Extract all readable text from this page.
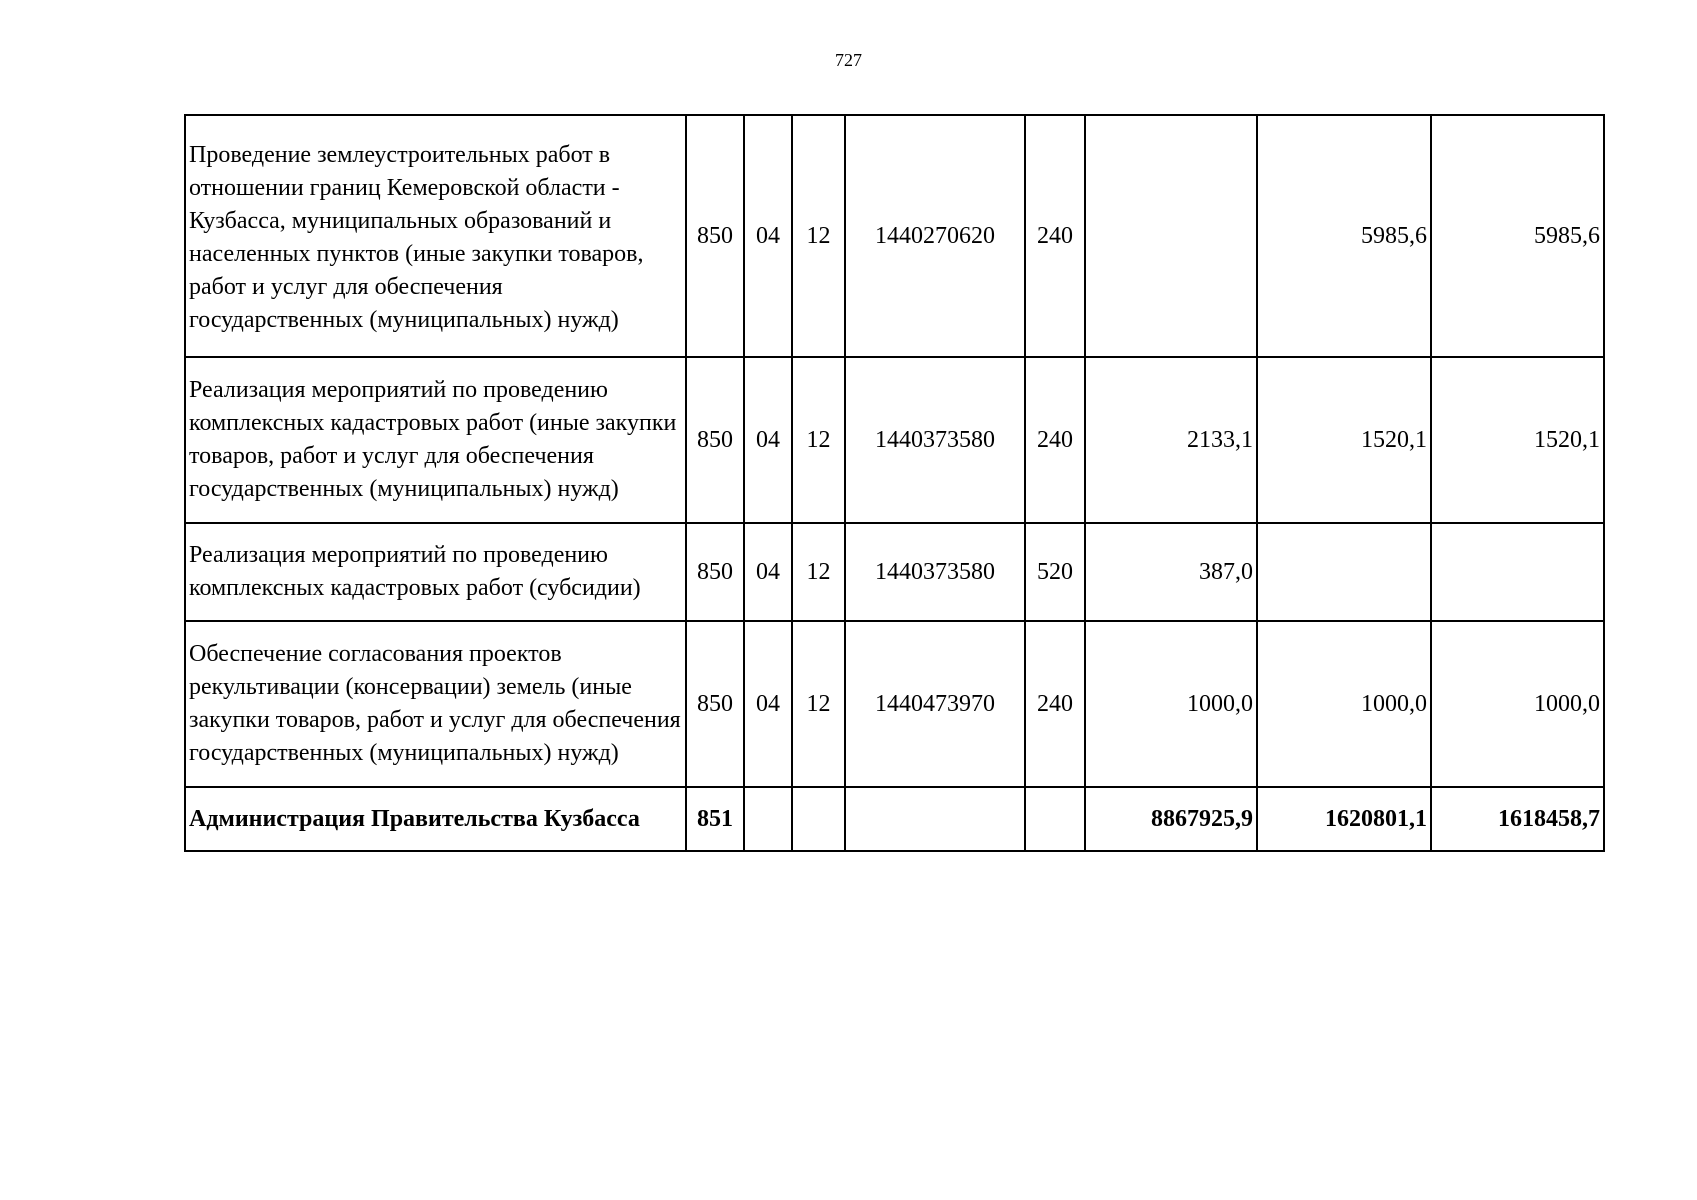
727
Проведение землеустроительных работ в отношении границ Кемеровской области - Кузбасса, муниципальных образований и населенных пунктов (иные закупки товаров, работ и услуг для обеспечения государственных (муниципальных) нужд)	850	04	12	1440270620	240		5985,6	5985,6
Реализация мероприятий по проведению комплексных кадастровых работ (иные закупки товаров, работ и услуг для обеспечения государственных (муниципальных) нужд)	850	04	12	1440373580	240	2133,1	1520,1	1520,1
Реализация мероприятий по проведению комплексных кадастровых работ (субсидии)	850	04	12	1440373580	520	387,0		
Обеспечение согласования проектов рекультивации (консервации) земель (иные закупки товаров, работ и услуг для обеспечения государственных (муниципальных) нужд)	850	04	12	1440473970	240	1000,0	1000,0	1000,0
Администрация Правительства Кузбасса	851					8867925,9	1620801,1	1618458,7
